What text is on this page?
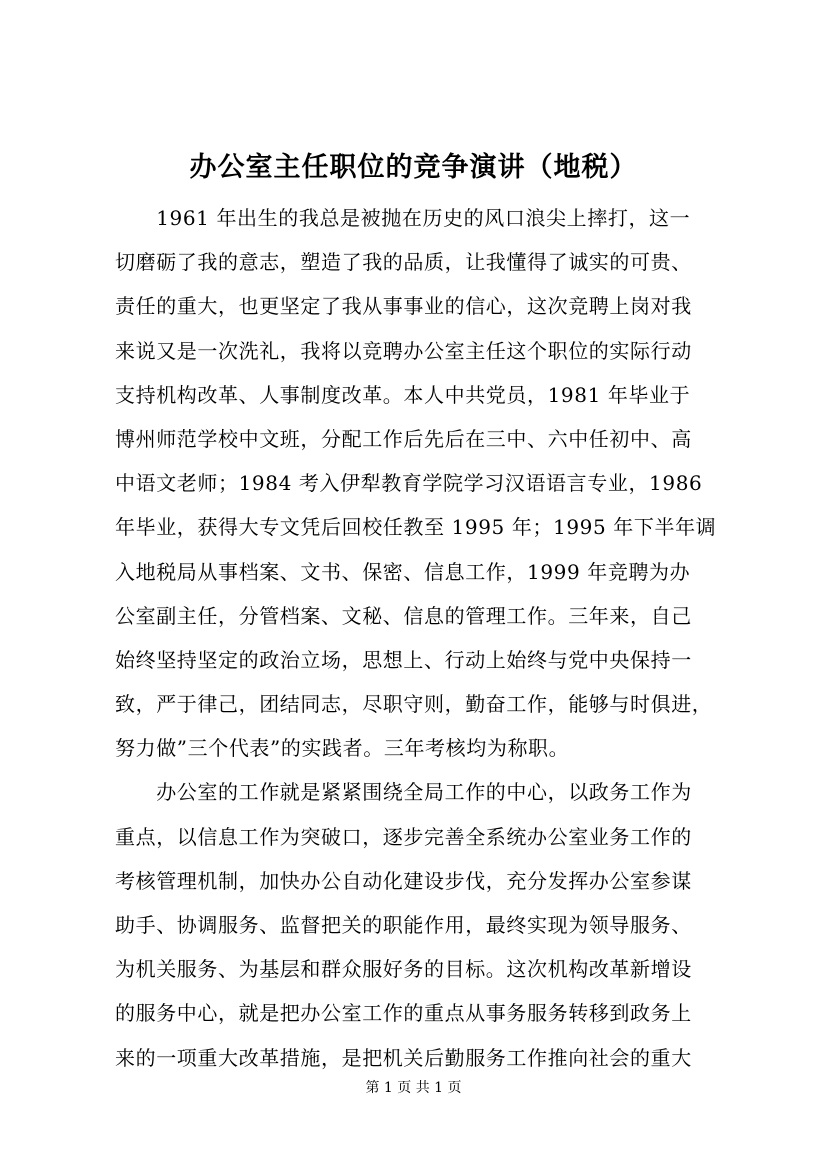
办公室主任职位的竞争演讲（地税）
　　1961 年出生的我总是被抛在历史的风口浪尖上摔打，这一
切磨砺了我的意志，塑造了我的品质，让我懂得了诚实的可贵、
责任的重大，也更坚定了我从事事业的信心，这次竞聘上岗对我
来说又是一次洗礼，我将以竞聘办公室主任这个职位的实际行动
支持机构改革、人事制度改革。本人中共党员，1981 年毕业于
博州师范学校中文班，分配工作后先后在三中、六中任初中、高
中语文老师；1984 考入伊犁教育学院学习汉语语言专业，1986
年毕业，获得大专文凭后回校任教至 1995 年；1995 年下半年调
入地税局从事档案、文书、保密、信息工作，1999 年竞聘为办
公室副主任，分管档案、文秘、信息的管理工作。三年来，自己
始终坚持坚定的政治立场，思想上、行动上始终与党中央保持一
致，严于律己，团结同志，尽职守则，勤奋工作，能够与时俱进，
努力做”三个代表”的实践者。三年考核均为称职。
　　办公室的工作就是紧紧围绕全局工作的中心，以政务工作为
重点，以信息工作为突破口，逐步完善全系统办公室业务工作的
考核管理机制，加快办公自动化建设步伐，充分发挥办公室参谋
助手、协调服务、监督把关的职能作用，最终实现为领导服务、
为机关服务、为基层和群众服好务的目标。这次机构改革新增设
的服务中心，就是把办公室工作的重点从事务服务转移到政务上
来的一项重大改革措施，是把机关后勤服务工作推向社会的重大
第 1 页 共 1 页
